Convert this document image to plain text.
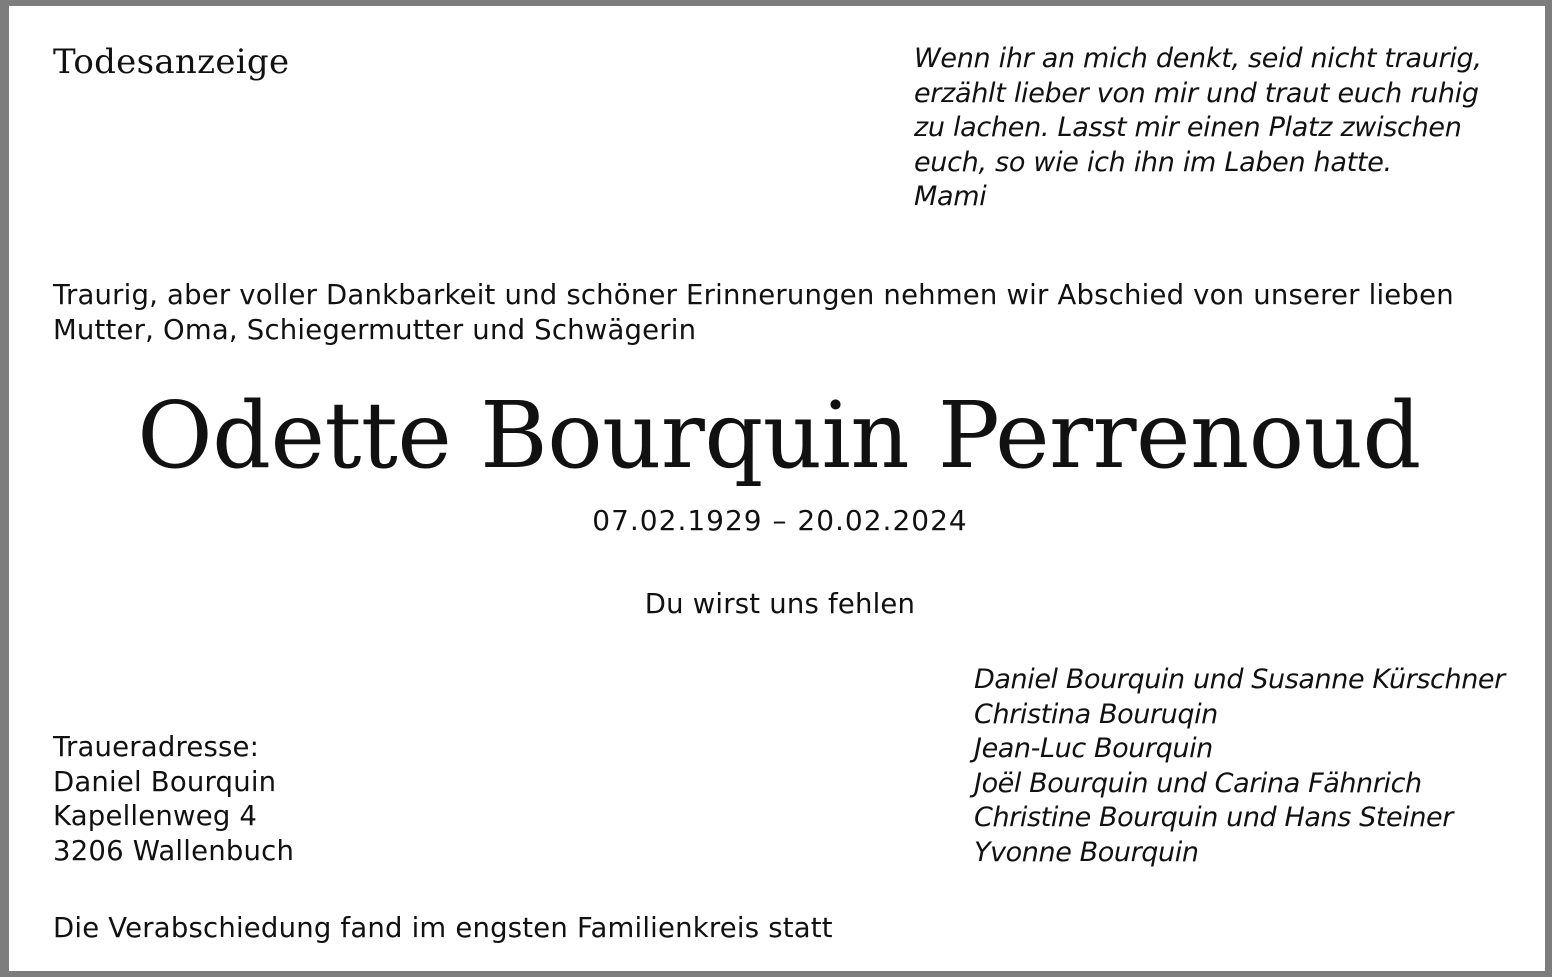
Todesanzeige	Wenn ihr an mich denkt, seid nicht traurig,
erzählt lieber von mir und traut euch ruhig
zu lachen. Lasst mir einen Platz zwischen
euch, so wie ich ihn im Laben hatte.
Mami
Traurig, aber voller Dankbarkeit und schöner Erinnerungen nehmen wir Abschied von unserer lieben
Mutter, Oma, Schiegermutter und Schwägerin
Odette Bourquin Perrenoud
07.02.1929 – 20.02.2024
Du wirst uns fehlen
Daniel Bourquin und Susanne Kürschner
Christina Bouruqin
Jean-Luc Bourquin
Joël Bourquin und Carina Fähnrich
Christine Bourquin und Hans Steiner
Yvonne Bourquin
Traueradresse:
Daniel Bourquin
Kapellenweg 4
3206 Wallenbuch
Die Verabschiedung fand im engsten Familienkreis statt
